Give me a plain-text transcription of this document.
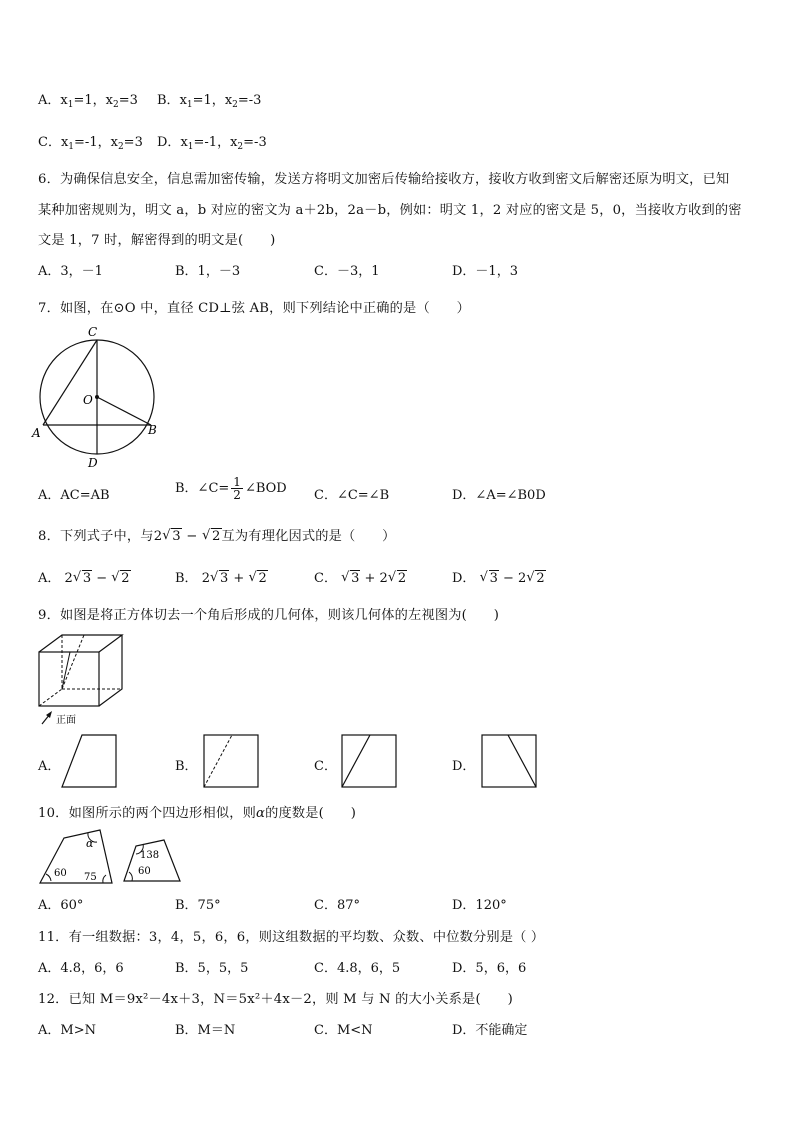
A．$x_1=1$，$x_2=3$ B．$x_1=1$，$x_2=-3$
C．$x_1=-1$，$x_2=3$ D．$x_1=-1$，$x_2=-3$
6．为确保信息安全，信息需加密传输，发送方将明文加密后传输给接收方，接收方收到密文后解密还原为明文，已知
某种加密规则为，明文 a，b 对应的密文为 a＋2b，2a－b，例如：明文 1，2 对应的密文是 5，0，当接收方收到的密
文是 1，7 时，解密得到的明文是(　　)
A．3，－1	B．1，－3	C．－3，1	D．－1，3
7．如图，在⊙O 中，直径 CD⊥弦 AB，则下列结论中正确的是（　　）
C
O
A	B
D
A．AC=AB	B．∠C= $\frac{1}{2}$ ∠BOD C．∠C=∠B	D．∠A=∠B0D
8．下列式子中，与2 √ 3 − √ 2互为有理化因式的是（　　）
A． 2 √ 3 − √ 2	B． 2 √ 3 + √ 2	C． √ 3 + 2 √ 2	D． √ 3 − 2 √ 2
9．如图是将正方体切去一个角后形成的几何体，则该几何体的左视图为(　　)
正面
A．	B．	C．	D．
10．如图所示的两个四边形相似，则α的度数是(　　)
α
60 75
138
60
A．60°	B．75°	C．87°	D．120°
11．有一组数据：3，4，5，6，6，则这组数据的平均数、众数、中位数分别是（ ）
A．4.8，6，6	B．5，5，5	C．4.8，6，5	D．5，6，6
12．已知 M＝9x²－4x＋3，N＝5x²＋4x－2，则 M 与 N 的大小关系是(　　)
A．M>N	B．M＝N	C．M<N	D．不能确定
